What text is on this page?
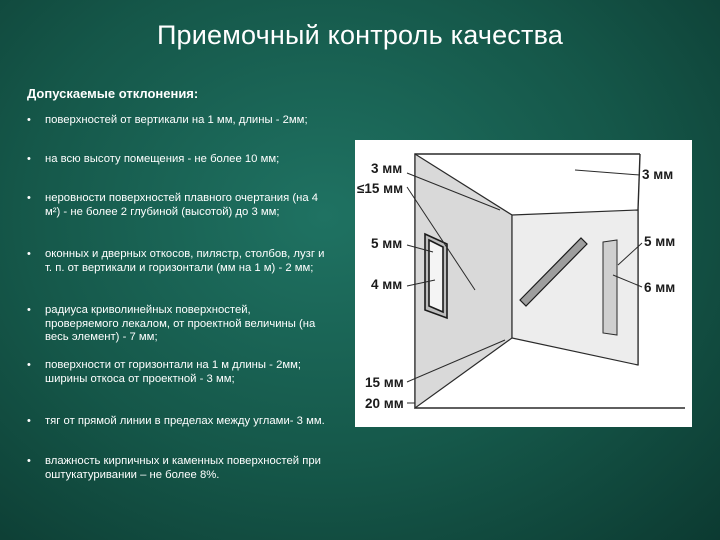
Приемочный контроль качества
Допускаемые отклонения:
• поверхностей от вертикали на 1 мм, длины - 2мм;
• на всю высоту помещения - не более 10 мм;
• неровности поверхностей плавного очертания (на 4 м²) - не более 2 глубиной (высотой) до 3 мм;
• оконных и дверных откосов, пилястр, столбов, лузг и т. п. от вертикали и горизонтали (мм на 1 м) - 2 мм;
• радиуса криволинейных поверхностей, проверяемого лекалом, от проектной величины (на весь элемент) - 7 мм;
• поверхности от горизонтали на 1 м длины - 2мм; ширины откоса от проектной - 3 мм;
• тяг от прямой линии в пределах между углами- 3 мм.
• влажность кирпичных и каменных поверхностей при оштукатуривании – не более 8%.
3 мм
≤15 мм
5 мм
4 мм
15 мм
20 мм
3 мм
5 мм
6 мм
